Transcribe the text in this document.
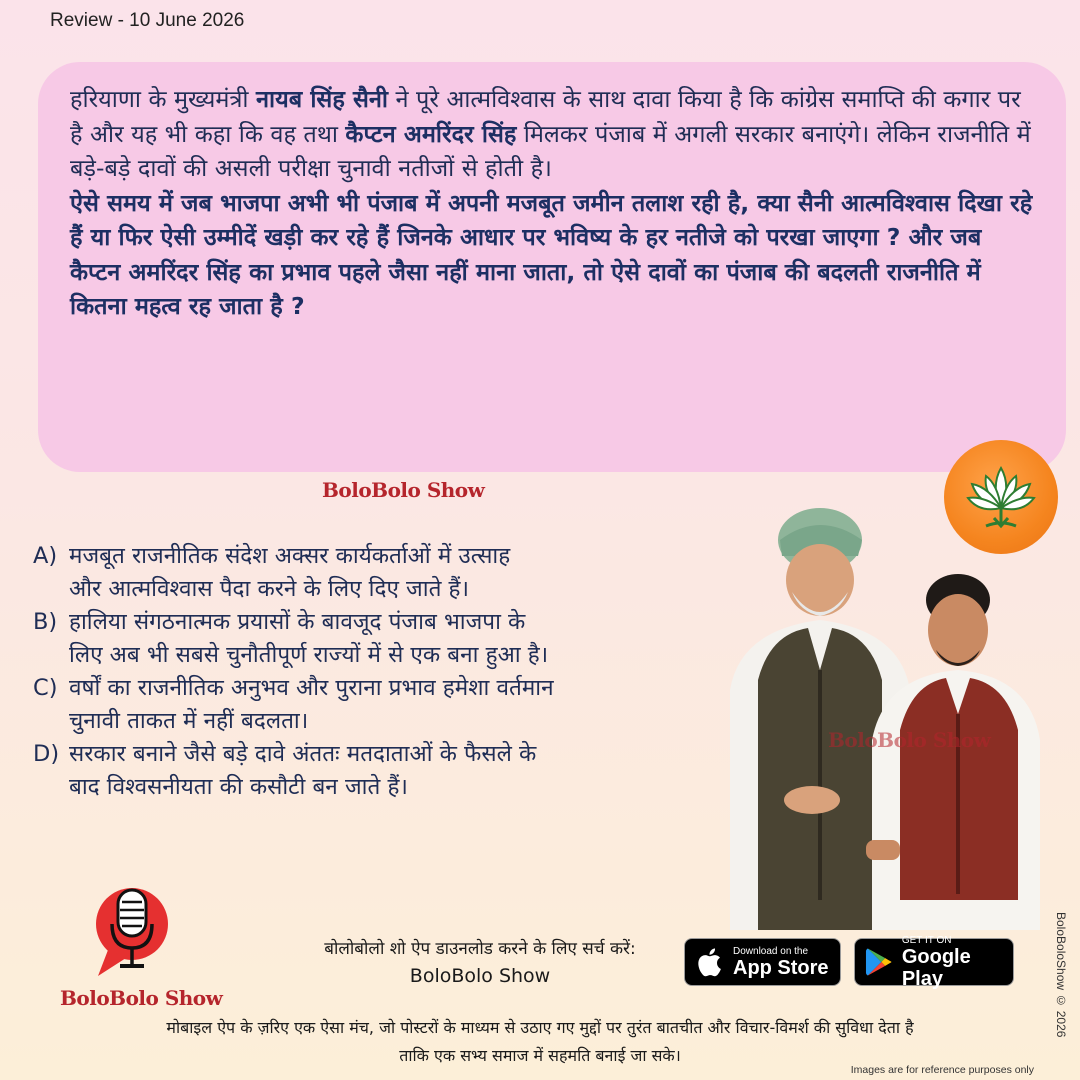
Review - 10 June 2026

हरियाणा के मुख्यमंत्री नायब सिंह सैनी ने पूरे आत्मविश्वास के साथ दावा किया है कि कांग्रेस समाप्ति की कगार पर है और यह भी कहा कि वह तथा कैप्टन अमरिंदर सिंह मिलकर पंजाब में अगली सरकार बनाएंगे। लेकिन राजनीति में बड़े-बड़े दावों की असली परीक्षा चुनावी नतीजों से होती है।

ऐसे समय में जब भाजपा अभी भी पंजाब में अपनी मजबूत जमीन तलाश रही है, क्या सैनी आत्मविश्वास दिखा रहे हैं या फिर ऐसी उम्मीदें खड़ी कर रहे हैं जिनके आधार पर भविष्य के हर नतीजे को परखा जाएगा ? और जब कैप्टन अमरिंदर सिंह का प्रभाव पहले जैसा नहीं माना जाता, तो ऐसे दावों का पंजाब की बदलती राजनीति में कितना महत्व रह जाता है ?

BoloBolo Show
A) मजबूत राजनीतिक संदेश अक्सर कार्यकर्ताओं में उत्साह
और आत्मविश्वास पैदा करने के लिए दिए जाते हैं।
B) हालिया संगठनात्मक प्रयासों के बावजूद पंजाब भाजपा के
लिए अब भी सबसे चुनौतीपूर्ण राज्यों में से एक बना हुआ है।
C) वर्षों का राजनीतिक अनुभव और पुराना प्रभाव हमेशा वर्तमान
चुनावी ताकत में नहीं बदलता।
D) सरकार बनाने जैसे बड़े दावे अंततः मतदाताओं के फैसले के
बाद विश्वसनीयता की कसौटी बन जाते हैं।
BoloBolo Show
BoloBoloShow © 2026
BoloBolo Show
बोलोबोलो शो ऐप डाउनलोड करने के लिए सर्च करें:
BoloBolo Show
Download on the
App Store
GET IT ON
Google Play
मोबाइल ऐप के ज़रिए एक ऐसा मंच, जो पोस्टरों के माध्यम से उठाए गए मुद्दों पर तुरंत बातचीत और विचार-विमर्श की सुविधा देता है
ताकि एक सभ्य समाज में सहमति बनाई जा सके।
Images are for reference purposes only
